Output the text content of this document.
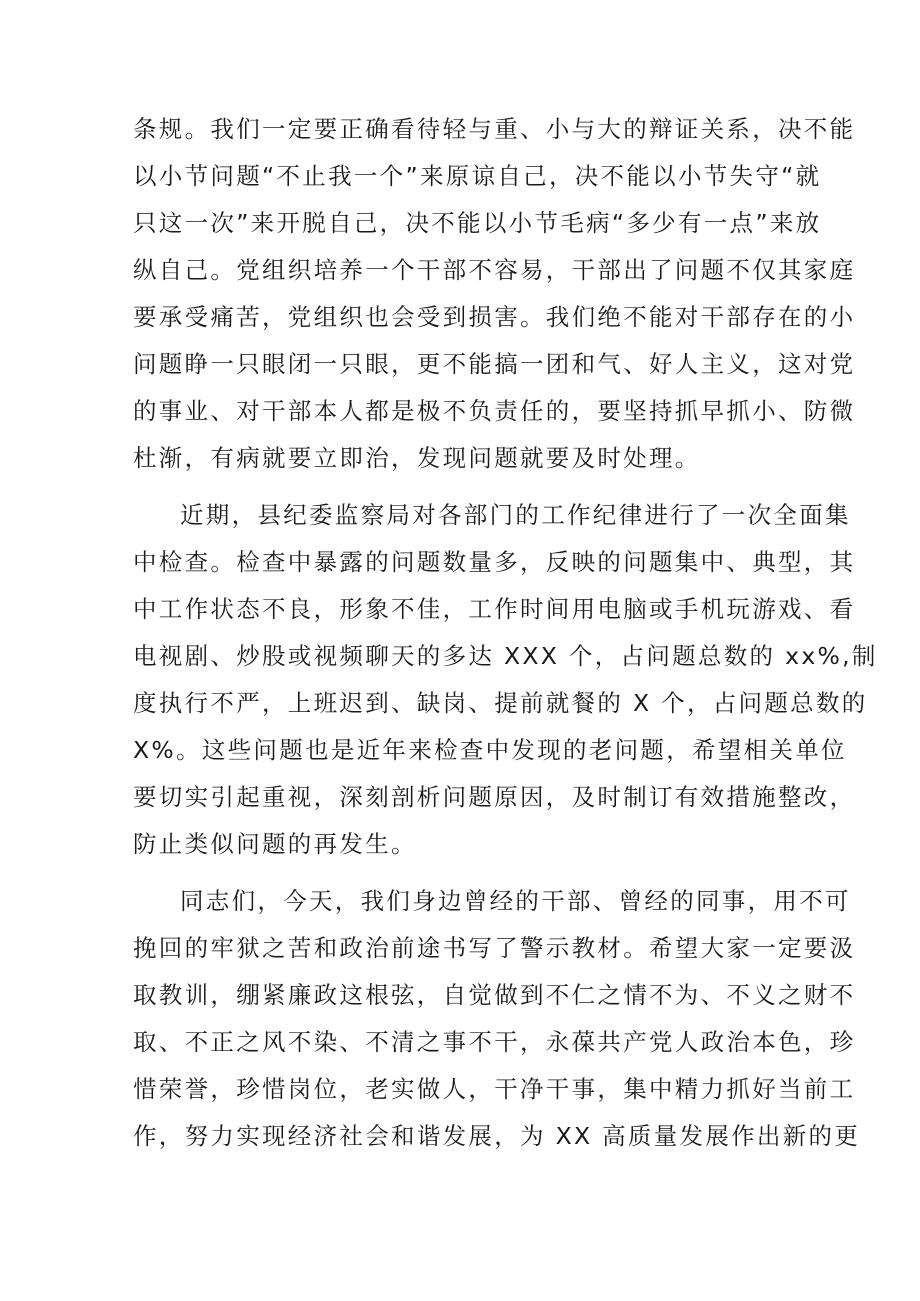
条规。我们一定要正确看待轻与重、小与大的辩证关系，决不能
以小节问题“不止我一个”来原谅自己，决不能以小节失守“就
只这一次”来开脱自己，决不能以小节毛病“多少有一点”来放
纵自己。党组织培养一个干部不容易，干部出了问题不仅其家庭
要承受痛苦，党组织也会受到损害。我们绝不能对干部存在的小
问题睁一只眼闭一只眼，更不能搞一团和气、好人主义，这对党
的事业、对干部本人都是极不负责任的，要坚持抓早抓小、防微
杜渐，有病就要立即治，发现问题就要及时处理。
近期，县纪委监察局对各部门的工作纪律进行了一次全面集
中检查。检查中暴露的问题数量多，反映的问题集中、典型，其
中工作状态不良，形象不佳，工作时间用电脑或手机玩游戏、看
电视剧、炒股或视频聊天的多达 XXX 个，占问题总数的 xx%,制
度执行不严，上班迟到、缺岗、提前就餐的 X 个，占问题总数的
X%。这些问题也是近年来检查中发现的老问题，希望相关单位
要切实引起重视，深刻剖析问题原因，及时制订有效措施整改，
防止类似问题的再发生。
同志们，今天，我们身边曾经的干部、曾经的同事，用不可
挽回的牢狱之苦和政治前途书写了警示教材。希望大家一定要汲
取教训，绷紧廉政这根弦，自觉做到不仁之情不为、不义之财不
取、不正之风不染、不清之事不干，永葆共产党人政治本色，珍
惜荣誉，珍惜岗位，老实做人，干净干事，集中精力抓好当前工
作，努力实现经济社会和谐发展，为 XX 高质量发展作出新的更
